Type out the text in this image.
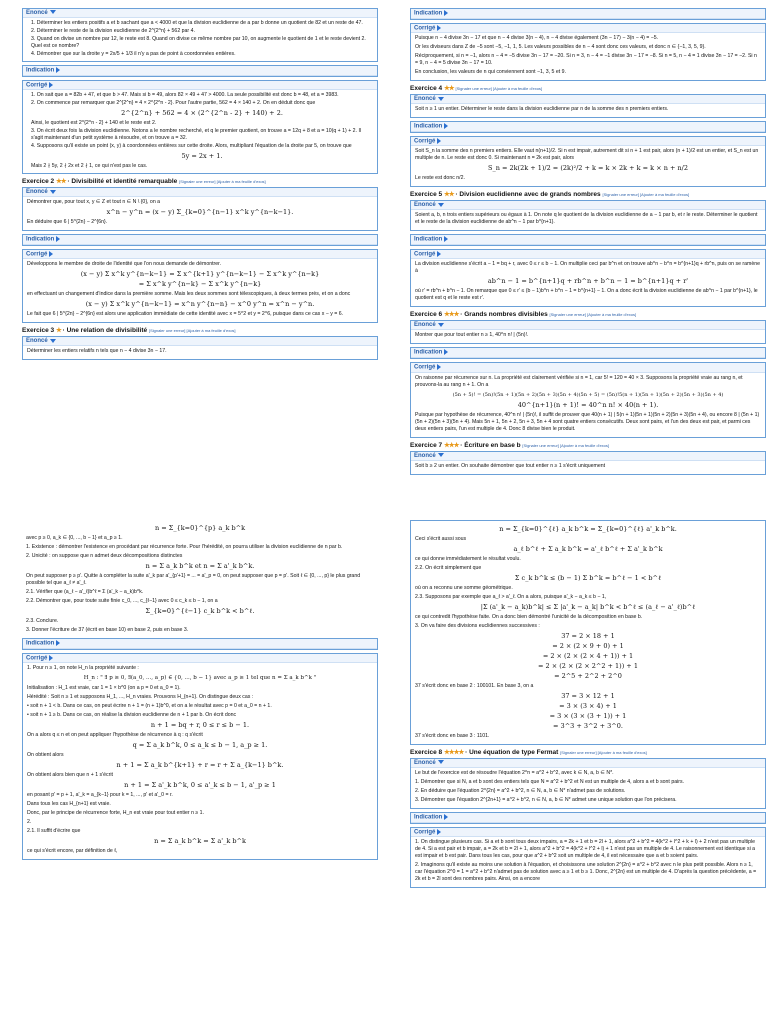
Enoncé

1. Déterminer les entiers positifs a et b sachant que a < 4000 et que la division euclidienne de a par b donne un quotient de 82 et un reste de 47.

2. Déterminer le reste de la division euclidienne de 2^{2^n} + 562 par 4.

3. Quand on divise un nombre par 12, le reste est 8. Quand on divise ce même nombre par 10, on augmente le quotient de 1 et le reste devient 2. Quel est ce nombre?

4. Démontrer que sur la droite y = 2x/5 + 1/3 il n'y a pas de point à coordonnées entières.

Indication
Corrigé

1. On sait que a = 82b + 47, et que b > 47. Mais si b = 49, alors 82 × 49 + 47 > 4000. La seule possibilité est donc b = 48, et a = 3983.

2. On commence par remarquer que 2^{2^n} = 4 × 2^{2^n - 2}. Pour l'autre partie, 562 = 4 × 140 + 2. On en déduit donc que

2^{2^n} + 562 = 4 × (2^{2^n - 2} + 140) + 2.

Ainsi, le quotient est 2^{2^n - 2} + 140 et le reste est 2.

3. On écrit deux fois la division euclidienne. Notons a le nombre recherché, et q le premier quotient, on trouve a = 12q + 8 et a = 10(q + 1) + 2. Il s'agit maintenant d'un petit système à résoudre, et on trouve a = 32.

4. Supposons qu'il existe un point (x, y) à coordonnées entières sur cette droite. Alors, multipliant l'équation de la droite par 5, on trouve que

5y = 2x + 1.

Mais 2 ∤ 5y, 2 ∤ 2x et 2 ∤ 1, ce qui n'est pas le cas.

Exercice 2 ★★ · Divisibilité et identité remarquable [Signaler une erreur] [Ajouter à ma feuille d'exos]
Enoncé

Démontrer que, pour tout x, y ∈ Z et tout n ∈ N \ {0}, on a

x^n − y^n = (x − y) Σ_{k=0}^{n−1} x^k y^{n−k−1}.

En déduire que 6 | 5^{2n} − 2^{6n}.

Indication
Corrigé

Développons le membre de droite de l'identité que l'on nous demande de démontrer.

(x − y) Σ x^k y^{n−k−1} = Σ x^{k+1} y^{n−k−1} − Σ x^k y^{n−k}
= Σ x^k y^{n−k} − Σ x^k y^{n−k}

en effectuant un changement d'indice dans la première somme. Mais les deux sommes sont télescopiques, à deux termes près, et on a donc

(x − y) Σ x^k y^{n−k−1} = x^n y^{n−n} − x^0 y^n = x^n − y^n.

Le fait que 6 | 5^{2n} − 2^{6n} est alors une application immédiate de cette identité avec x = 5^2 et y = 2^6, puisque dans ce cas x − y = 6.

Exercice 3 ★ · Une relation de divisibilité [Signaler une erreur] [Ajouter à ma feuille d'exos]
Enoncé

Déterminer les entiers relatifs n tels que n − 4 divise 3n − 17.

Indication
Corrigé

Puisque n − 4 divise 3n − 17 et que n − 4 divise 3(n − 4), n − 4 divise également (3n − 17) − 3(n − 4) = −5.

Or les diviseurs dans Z de −5 sont −5, −1, 1, 5. Les valeurs possibles de n − 4 sont donc ces valeurs, et donc n ∈ {−1, 3, 5, 9}.

Réciproquement, si n = −1, alors n − 4 = −5 divise 3n − 17 = −20. Si n = 3, n − 4 = −1 divise 3n − 17 = −8. Si n = 5, n − 4 = 1 divise 3n − 17 = −2. Si n = 9, n − 4 = 5 divise 3n − 17 = 10.

En conclusion, les valeurs de n qui conviennent sont −1, 3, 5 et 9.

Exercice 4 ★★ [Signaler une erreur] [Ajouter à ma feuille d'exos]
Enoncé

Soit n ≥ 1 un entier. Déterminer le reste dans la division euclidienne par n de la somme des n premiers entiers.

Indication
Corrigé

Soit S_n la somme des n premiers entiers. Elle vaut n(n+1)/2. Si n est impair, autrement dit si n + 1 est pair, alors (n + 1)/2 est un entier, et S_n est un multiple de n. Le reste est donc 0. Si maintenant n = 2k est pair, alors

S_n = 2k(2k + 1)/2 = (2k)²/2 + k = k × 2k + k = k × n + n/2

Le reste est donc n/2.

Exercice 5 ★★ · Division euclidienne avec de grands nombres [Signaler une erreur] [Ajouter à ma feuille d'exos]
Enoncé

Soient a, b, n trois entiers supérieurs ou égaux à 1. On note q le quotient de la division euclidienne de a − 1 par b, et r le reste. Déterminer le quotient et le reste de la division euclidienne de ab^n − 1 par b^{n+1}.

Indication
Corrigé

La division euclidienne s'écrit a − 1 = bq + r, avec 0 ≤ r ≤ b − 1. On multiplie ceci par b^n et on trouve ab^n − b^n = b^{n+1}q + rb^n, puis on se ramène à

ab^n − 1 = b^{n+1}q + rb^n + b^n − 1 = b^{n+1}q + r'

où r' = rb^n + b^n − 1. On remarque que 0 ≤ r' ≤ (b − 1)b^n + b^n − 1 = b^{n+1} − 1. On a donc écrit la division euclidienne de ab^n − 1 par b^{n+1}, le quotient est q et le reste est r'.

Exercice 6 ★★★ · Grands nombres divisibles [Signaler une erreur] [Ajouter à ma feuille d'exos]
Enoncé

Montrer que pour tout entier n ≥ 1, 40^n n! | (5n)!.

Indication
Corrigé

On raisonne par récurrence sur n. La propriété est clairement vérifiée si n = 1, car 5! = 120 = 40 × 3. Supposons la propriété vraie au rang n, et prouvons-la au rang n + 1. On a

(5n + 5)! = (5n)!(5n + 1)(5n + 2)(5n + 3)(5n + 4)(5n + 5) = (5n)!5(n + 1)(5n + 1)(5n + 2)(5n + 3)(5n + 4)
40^{n+1}(n + 1)! = 40^n n! × 40(n + 1).

Puisque par hypothèse de récurrence, 40^n n! | (5n)!, il suffit de prouver que 40(n + 1) | 5(n + 1)(5n + 1)(5n + 2)(5n + 3)(5n + 4), ou encore 8 | (5n + 1)(5n + 2)(5n + 3)(5n + 4). Mais 5n + 1, 5n + 2, 5n + 3, 5n + 4 sont quatre entiers consécutifs. Deux sont pairs, et l'un des deux est pair, et parmi ces deux entiers pairs, l'un est multiple de 4. Donc 8 divise bien le produit.

Exercice 7 ★★★ · Écriture en base b [Signaler une erreur] [Ajouter à ma feuille d'exos]
Enoncé

Soit b ≥ 2 un entier. On souhaite démontrer que tout entier n ≥ 1 s'écrit uniquement

n = Σ_{k=0}^{p} a_k b^k

avec p ≥ 0, a_k ∈ {0, ..., b − 1} et a_p ≥ 1.

1. Existence : démontrer l'existence en procédant par récurrence forte. Pour l'hérédité, on pourra utiliser la division euclidienne de n par b.

2. Unicité : on suppose que n admet deux décompositions distinctes

n = Σ a_k b^k et n = Σ a'_k b^k.

On peut supposer p ≥ p'. Quitte à compléter la suite a'_k par a'_{p'+1} = ... = a'_p = 0, on peut supposer que p = p'. Soit ℓ ∈ {0, ..., p} le plus grand possible tel que a_ℓ ≠ a'_ℓ.

2.1. Vérifier que (a_ℓ − a'_ℓ)b^ℓ = Σ (a'_k − a_k)b^k.

2.2. Démontrer que, pour toute suite finie c_0, ..., c_{ℓ−1} avec 0 ≤ c_k ≤ b − 1, on a

Σ_{k=0}^{ℓ−1} c_k b^k < b^ℓ.

2.3. Conclure.

3. Donner l'écriture de 37 (écrit en base 10) en base 2, puis en base 3.

Indication
Corrigé

1. Pour n ≥ 1, on note H_n la propriété suivante :

H_n : " ∃ p ≥ 0, ∃(a_0, ..., a_p) ∈ {0, ..., b − 1} avec a_p ≥ 1 tel que n = Σ a_k b^k "

Initialisation : H_1 est vraie, car 1 = 1 × b^0 (on a p = 0 et a_0 = 1).

Hérédité : Soit n ≥ 1 et supposons H_1, ..., H_n vraies. Prouvons H_{n+1}. On distingue deux cas :

• soit n + 1 < b. Dans ce cas, on peut écrire n + 1 = (n + 1)b^0, et on a le résultat avec p = 0 et a_0 = n + 1.

• soit n + 1 ≥ b. Dans ce cas, on réalise la division euclidienne de n + 1 par b. On écrit donc

n + 1 = bq + r, 0 ≤ r ≤ b − 1.

On a alors q ≤ n et on peut appliquer l'hypothèse de récurrence à q : q s'écrit

q = Σ a_k b^k, 0 ≤ a_k ≤ b − 1, a_p ≥ 1.

On obtient alors

n + 1 = Σ a_k b^{k+1} + r = r + Σ a_{k−1} b^k.

On obtient alors bien que n + 1 s'écrit

n + 1 = Σ a'_k b^k, 0 ≤ a'_k ≤ b − 1, a'_p ≥ 1

en posant p' = p + 1, a'_k = a_{k−1} pour k = 1, ..., p' et a'_0 = r.

Dans tous les cas H_{n+1} est vraie.

Donc, par le principe de récurrence forte, H_n est vraie pour tout entier n ≥ 1.

2.

2.1. Il suffit d'écrire que

n = Σ a_k b^k = Σ a'_k b^k

ce qui s'écrit encore, par définition de ℓ,

n = Σ_{k=0}^{ℓ} a_k b^k = Σ_{k=0}^{ℓ} a'_k b^k.

Ceci s'écrit aussi sous

a_ℓ b^ℓ + Σ a_k b^k = a'_ℓ b^ℓ + Σ a'_k b^k

ce qui donne immédiatement le résultat voulu.

2.2. On écrit simplement que

Σ c_k b^k ≤ (b − 1) Σ b^k = b^ℓ − 1 < b^ℓ

où on a reconnu une somme géométrique.

2.3. Supposons par exemple que a_ℓ > a'_ℓ. On a alors, puisque a'_k − a_k ≤ b − 1,

|Σ (a'_k − a_k)b^k| ≤ Σ |a'_k − a_k| b^k < b^ℓ ≤ (a_ℓ − a'_ℓ)b^ℓ

ce qui contredit l'hypothèse faite. On a donc bien démontré l'unicité de la décomposition en base b.

3. On va faire des divisions euclidiennes successives :

37 = 2 × 18 + 1
= 2 × (2 × 9 + 0) + 1
= 2 × (2 × (2 × 4 + 1)) + 1
= 2 × (2 × (2 × 2^2 + 1)) + 1
= 2^5 + 2^2 + 2^0

37 s'écrit donc en base 2 : 100101. En base 3, on a

37 = 3 × 12 + 1
= 3 × (3 × 4) + 1
= 3 × (3 × (3 + 1)) + 1
= 3^3 + 3^2 + 3^0.

37 s'écrit donc en base 3 : 1101.

Exercice 8 ★★★★ · Une équation de type Fermat [Signaler une erreur] [Ajouter à ma feuille d'exos]
Enoncé

Le but de l'exercice est de résoudre l'équation 2^n = a^2 + b^2, avec k ∈ N, a, b ∈ N*.

1. Démontrer que si N, a et b sont des entiers tels que N = a^2 + b^2 et N est un multiple de 4, alors a et b sont pairs.

2. En déduire que l'équation 2^{2n} = a^2 + b^2, n ∈ N, a, b ∈ N* n'admet pas de solutions.

3. Démontrer que l'équation 2^{2n+1} = a^2 + b^2, n ∈ N, a, b ∈ N* admet une unique solution que l'on précisera.

Indication
Corrigé

1. On distingue plusieurs cas. Si a et b sont tous deux impairs, a = 2k + 1 et b = 2l + 1, alors a^2 + b^2 = 4(k^2 + l^2 + k + l) + 2 n'est pas un multiple de 4. Si a est pair et b impair, a = 2k et b = 2l + 1, alors a^2 + b^2 = 4(k^2 + l^2 + l) + 1 n'est pas un multiple de 4. Le raisonnement est identique si a est impair et b est pair. Dans tous les cas, pour que a^2 + b^2 soit un multiple de 4, il est nécessaire que a et b soient pairs.

2. Imaginons qu'il existe au moins une solution à l'équation, et choisissons une solution 2^{2n} = a^2 + b^2 avec n le plus petit possible. Alors n ≥ 1, car l'équation 2^0 = 1 = a^2 + b^2 n'admet pas de solution avec a ≥ 1 et b ≥ 1. Donc, 2^{2n} est un multiple de 4. D'après la question précédente, a = 2k et b = 2l sont des nombres pairs. Ainsi, on a encore
